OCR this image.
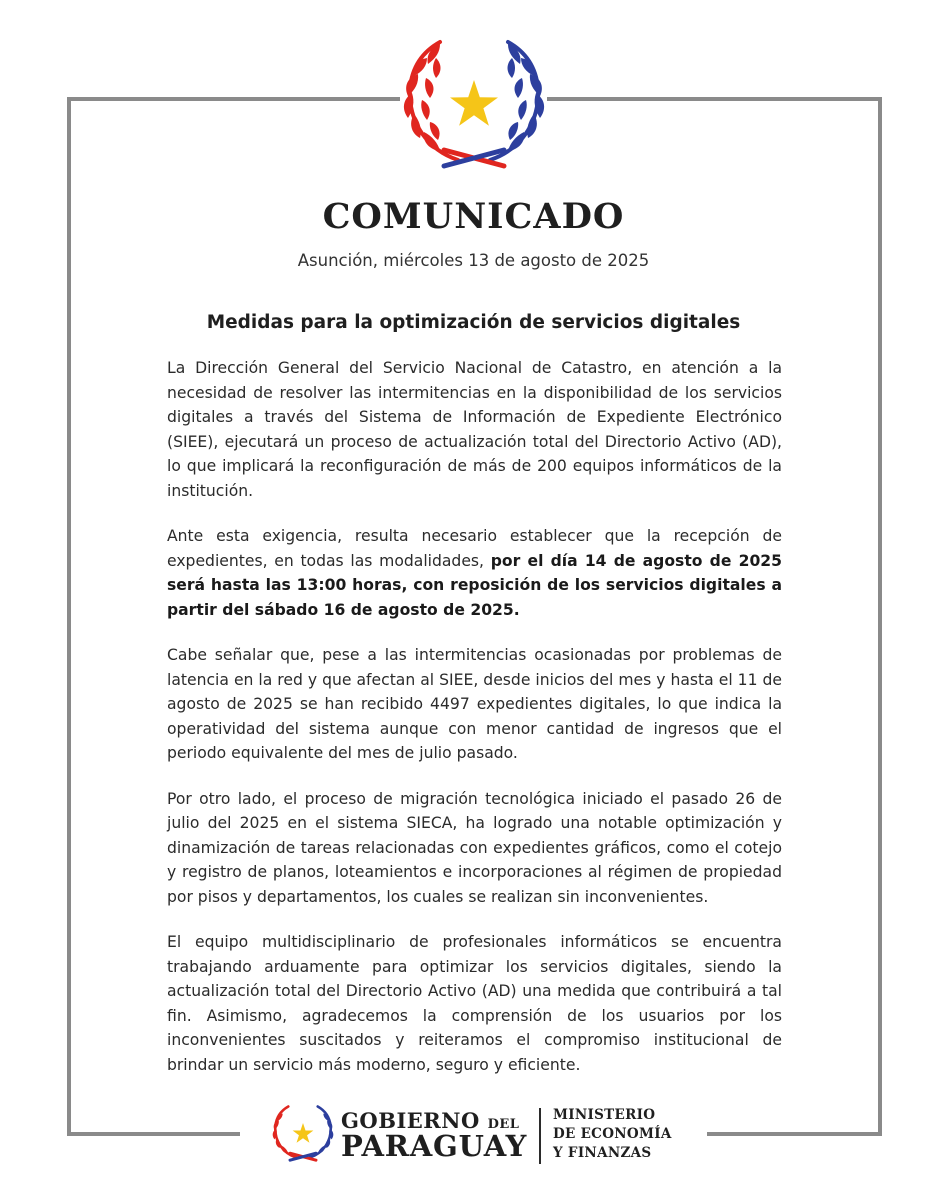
COMUNICADO
Asunción, miércoles 13 de agosto de 2025
Medidas para la optimización de servicios digitales

La Dirección General del Servicio Nacional de Catastro, en atención a la necesidad de resolver las intermitencias en la disponibilidad de los servicios digitales a través del Sistema de Información de Expediente Electrónico (SIEE), ejecutará un proceso de actualización total del Directorio Activo (AD), lo que implicará la reconfiguración de más de 200 equipos informáticos de la institución.

Ante esta exigencia, resulta necesario establecer que la recepción de expedientes, en todas las modalidades, por el día 14 de agosto de 2025 será hasta las 13:00 horas, con reposición de los servicios digitales a partir del sábado 16 de agosto de 2025.

Cabe señalar que, pese a las intermitencias ocasionadas por problemas de latencia en la red y que afectan al SIEE, desde inicios del mes y hasta el 11 de agosto de 2025 se han recibido 4497 expedientes digitales, lo que indica la operatividad del sistema aunque con menor cantidad de ingresos que el periodo equivalente del mes de julio pasado.

Por otro lado, el proceso de migración tecnológica iniciado el pasado 26 de julio del 2025 en el sistema SIECA, ha logrado una notable optimización y dinamización de tareas relacionadas con expedientes gráficos, como el cotejo y registro de planos, loteamientos e incorporaciones al régimen de propiedad por pisos y departamentos, los cuales se realizan sin inconvenientes.

El equipo multidisciplinario de profesionales informáticos se encuentra trabajando arduamente para optimizar los servicios digitales, siendo la actualización total del Directorio Activo (AD) una medida que contribuirá a tal fin. Asimismo, agradecemos la comprensión de los usuarios por los inconvenientes suscitados y reiteramos el compromiso institucional de brindar un servicio más moderno, seguro y eficiente.

GOBIERNO DEL
PARAGUAY
MINISTERIO
DE ECONOMÍA
Y FINANZAS
